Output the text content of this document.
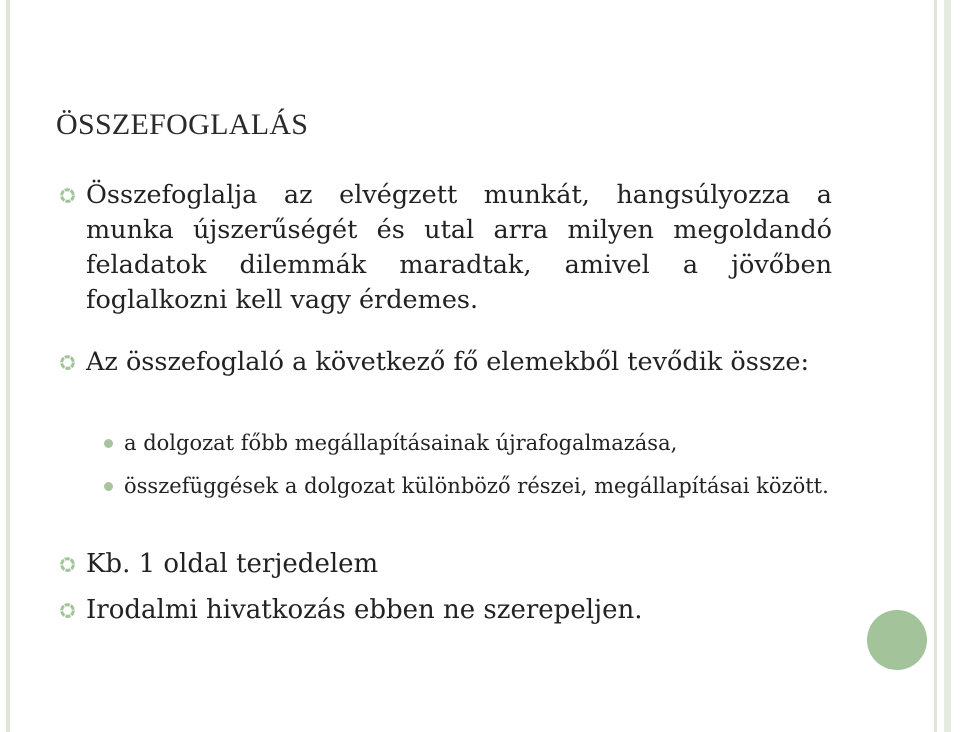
ÖSSZEFOGLALÁS

Összefoglalja az elvégzett munkát, hangsúlyozza a munka újszerűségét és utal arra milyen megoldandó feladatok dilemmák maradtak, amivel a jövőben foglalkozni kell vagy érdemes.

Az összefoglaló a következő fő elemekből tevődik össze:

a dolgozat főbb megállapításainak újrafogalmazása,

összefüggések a dolgozat különböző részei, megállapításai között.

Kb. 1 oldal terjedelem

Irodalmi hivatkozás ebben ne szerepeljen.
